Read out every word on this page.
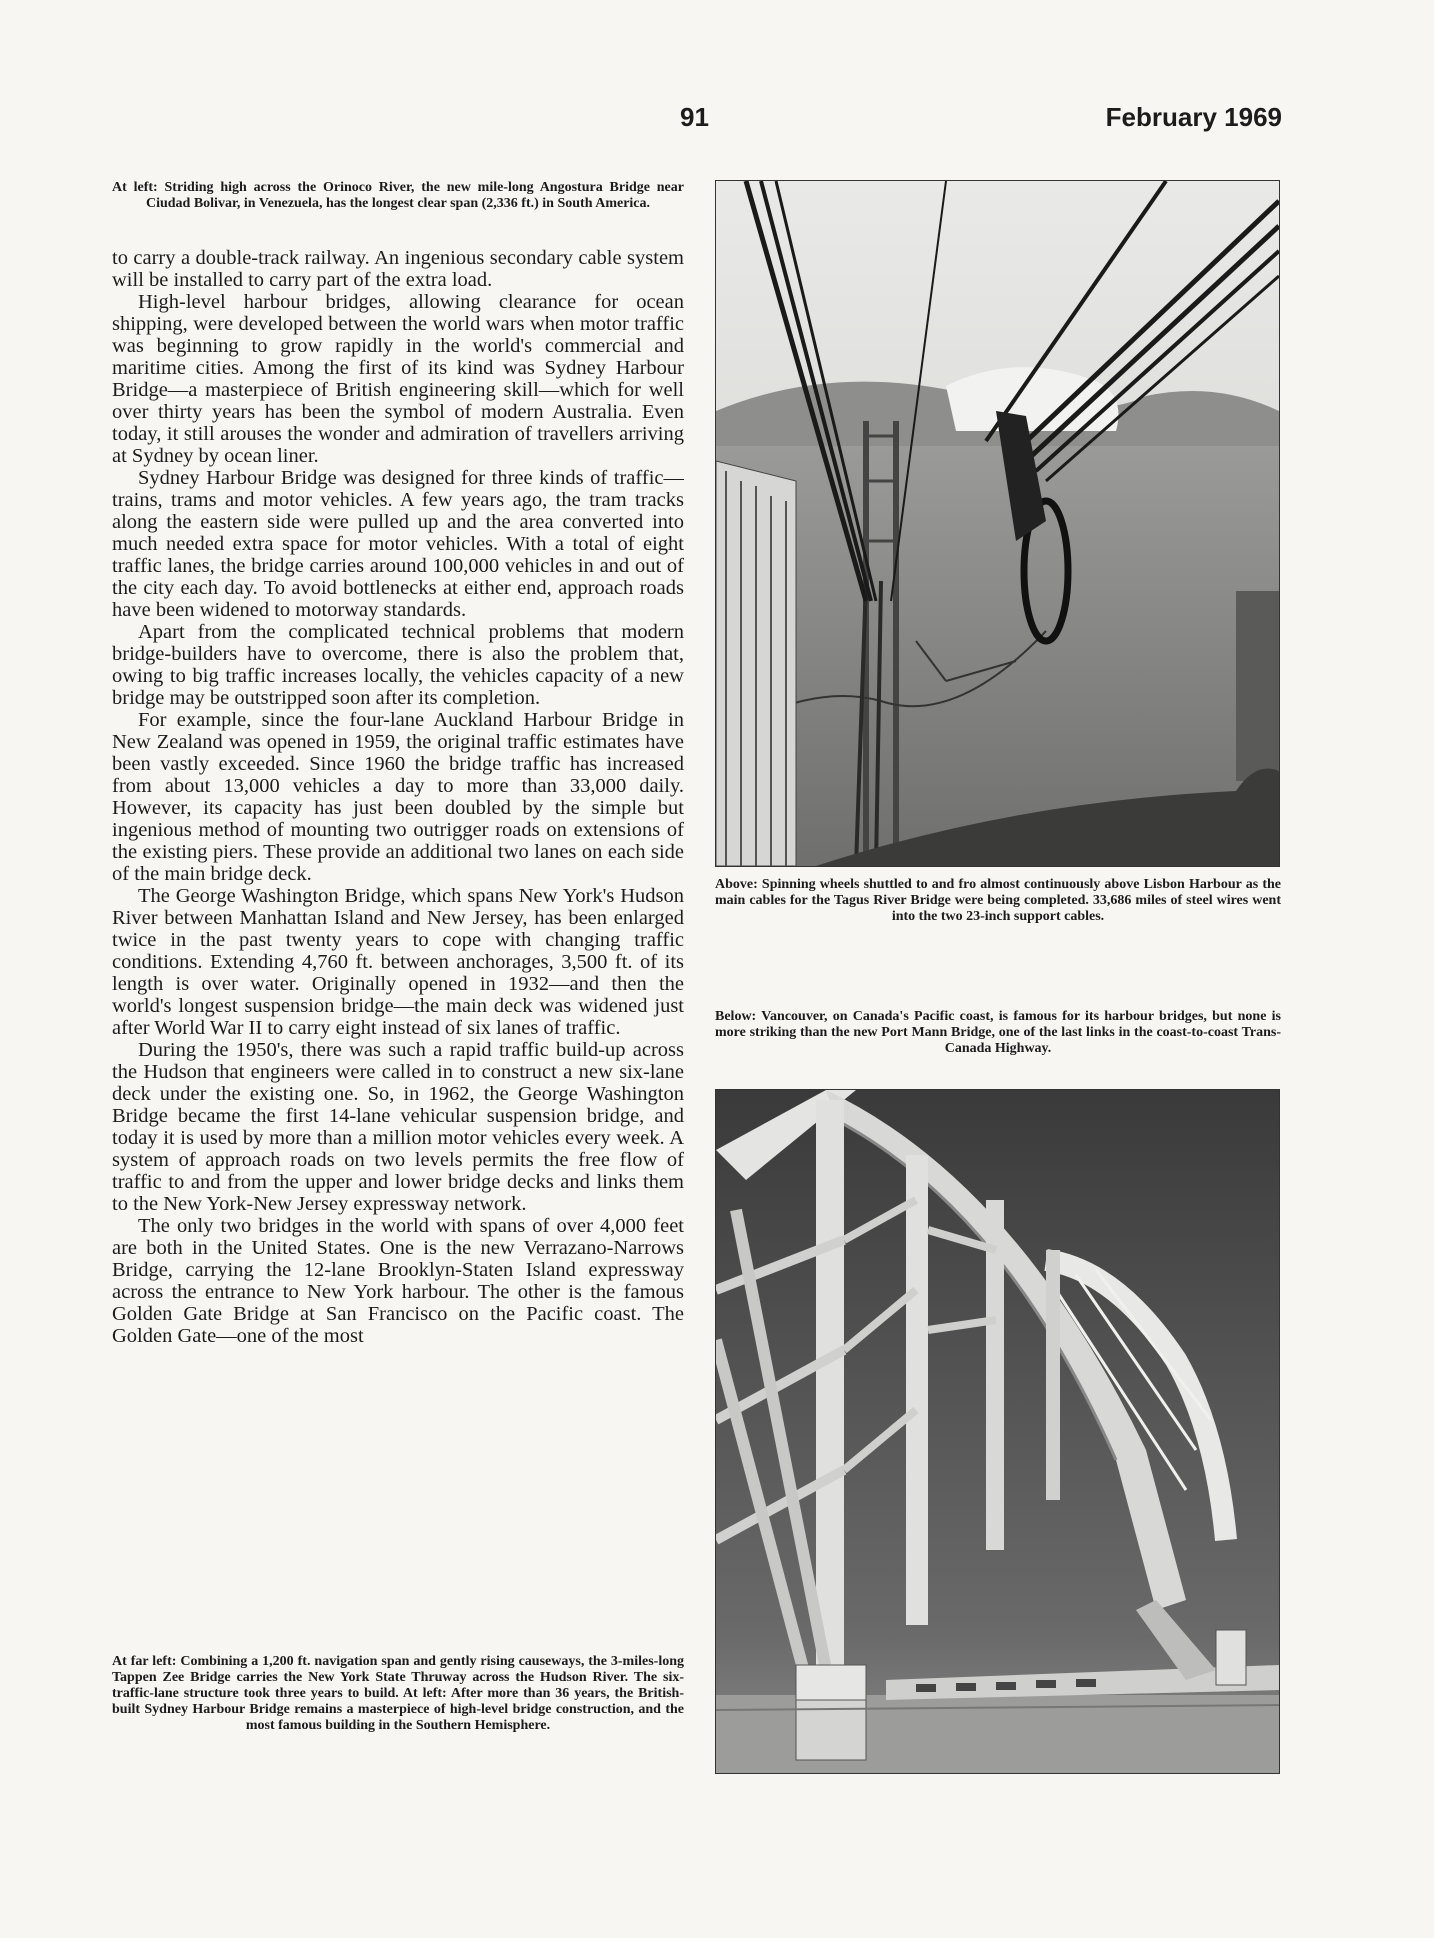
91	February 1969
At left: Striding high across the Orinoco River, the new mile-long Angostura Bridge near Ciudad Bolivar, in Venezuela, has the longest clear span (2,336 ft.) in South America.

to carry a double-track railway. An ingenious secondary cable system will be installed to carry part of the extra load.

High-level harbour bridges, allowing clearance for ocean shipping, were developed between the world wars when motor traffic was beginning to grow rapidly in the world's commercial and maritime cities. Among the first of its kind was Sydney Harbour Bridge—a masterpiece of British engineering skill—which for well over thirty years has been the symbol of modern Australia. Even today, it still arouses the wonder and admiration of travellers arriving at Sydney by ocean liner.

Sydney Harbour Bridge was designed for three kinds of traffic—trains, trams and motor vehicles. A few years ago, the tram tracks along the eastern side were pulled up and the area converted into much needed extra space for motor vehicles. With a total of eight traffic lanes, the bridge carries around 100,000 vehicles in and out of the city each day. To avoid bottlenecks at either end, approach roads have been widened to motorway standards.

Apart from the complicated technical problems that modern bridge-builders have to overcome, there is also the problem that, owing to big traffic increases locally, the vehicles capacity of a new bridge may be outstripped soon after its completion.

For example, since the four-lane Auckland Harbour Bridge in New Zealand was opened in 1959, the original traffic estimates have been vastly exceeded. Since 1960 the bridge traffic has increased from about 13,000 vehicles a day to more than 33,000 daily. However, its capacity has just been doubled by the simple but ingenious method of mounting two outrigger roads on extensions of the existing piers. These provide an additional two lanes on each side of the main bridge deck.

The George Washington Bridge, which spans New York's Hudson River between Manhattan Island and New Jersey, has been enlarged twice in the past twenty years to cope with changing traffic conditions. Extending 4,760 ft. between anchorages, 3,500 ft. of its length is over water. Originally opened in 1932—and then the world's longest suspension bridge—the main deck was widened just after World War II to carry eight instead of six lanes of traffic.

During the 1950's, there was such a rapid traffic build-up across the Hudson that engineers were called in to construct a new six-lane deck under the existing one. So, in 1962, the George Washington Bridge became the first 14-lane vehicular suspension bridge, and today it is used by more than a million motor vehicles every week. A system of approach roads on two levels permits the free flow of traffic to and from the upper and lower bridge decks and links them to the New York-New Jersey expressway network.

The only two bridges in the world with spans of over 4,000 feet are both in the United States. One is the new Verrazano-Narrows Bridge, carrying the 12-lane Brooklyn-Staten Island expressway across the entrance to New York harbour. The other is the famous Golden Gate Bridge at San Francisco on the Pacific coast. The Golden Gate—one of the most

At far left: Combining a 1,200 ft. navigation span and gently rising causeways, the 3-miles-long Tappen Zee Bridge carries the New York State Thruway across the Hudson River. The six-traffic-lane structure took three years to build. At left: After more than 36 years, the British-built Sydney Harbour Bridge remains a masterpiece of high-level bridge construction, and the most famous building in the Southern Hemisphere.
Above: Spinning wheels shuttled to and fro almost continuously above Lisbon Harbour as the main cables for the Tagus River Bridge were being completed. 33,686 miles of steel wires went into the two 23-inch support cables.
Below: Vancouver, on Canada's Pacific coast, is famous for its harbour bridges, but none is more striking than the new Port Mann Bridge, one of the last links in the coast-to-coast Trans-Canada Highway.
